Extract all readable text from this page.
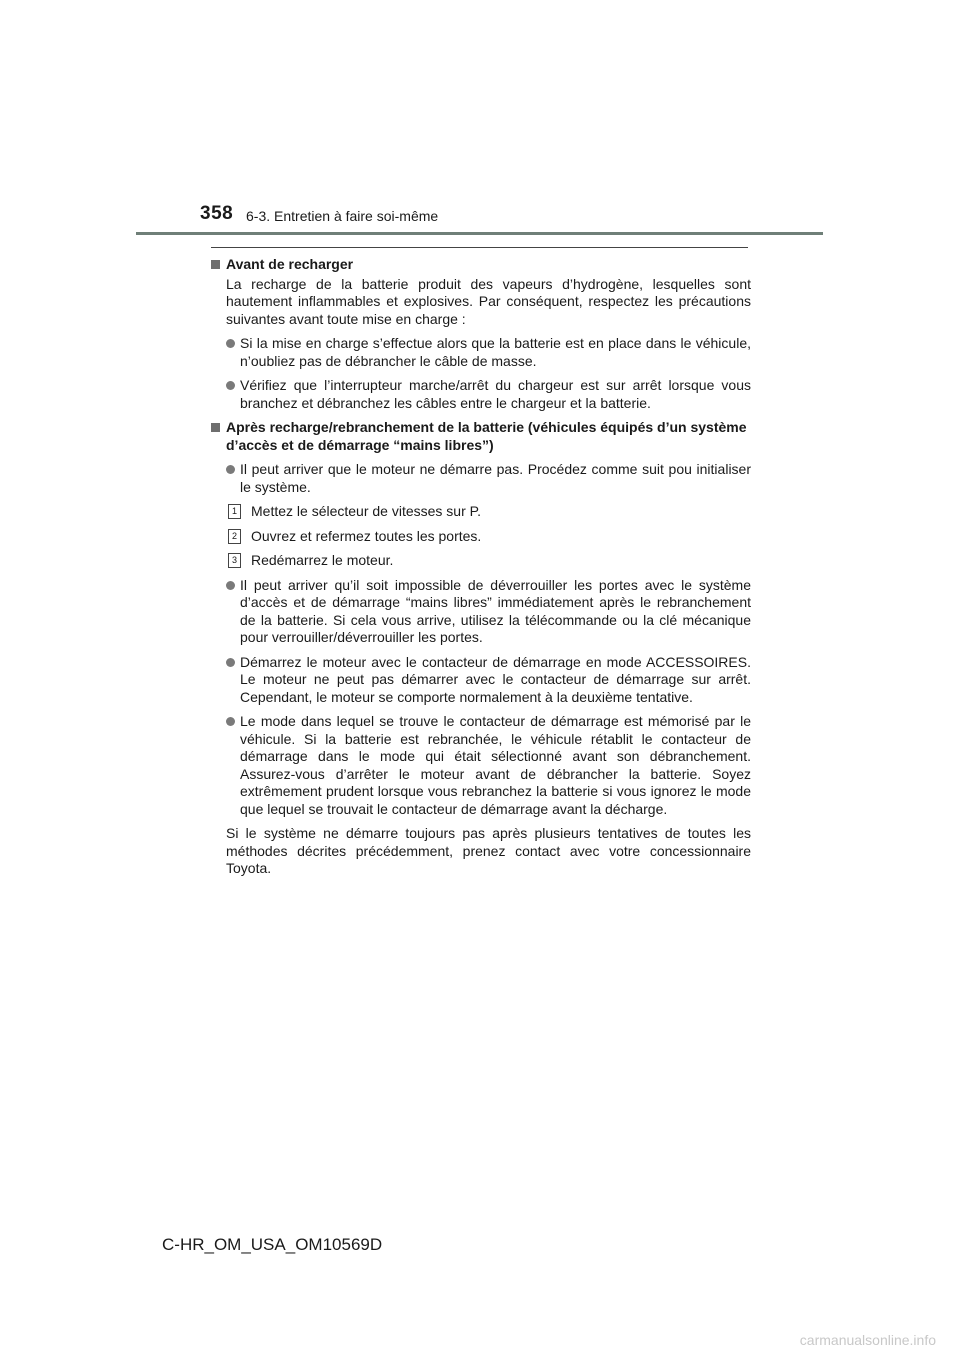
358 6-3. Entretien à faire soi-même
Avant de recharger
La recharge de la batterie produit des vapeurs d’hydrogène, lesquelles sont hautement inflammables et explosives. Par conséquent, respectez les précautions suivantes avant toute mise en charge :
Si la mise en charge s’effectue alors que la batterie est en place dans le véhicule, n’oubliez pas de débrancher le câble de masse.
Vérifiez que l’interrupteur marche/arrêt du chargeur est sur arrêt lorsque vous branchez et débranchez les câbles entre le chargeur et la batterie.
Après recharge/rebranchement de la batterie (véhicules équipés d’un système d’accès et de démarrage “mains libres”)
Il peut arriver que le moteur ne démarre pas. Procédez comme suit pou initialiser le système.
1 Mettez le sélecteur de vitesses sur P.
2 Ouvrez et refermez toutes les portes.
3 Redémarrez le moteur.
Il peut arriver qu’il soit impossible de déverrouiller les portes avec le système d’accès et de démarrage “mains libres” immédiatement après le rebranchement de la batterie. Si cela vous arrive, utilisez la télécommande ou la clé mécanique pour verrouiller/déverrouiller les portes.
Démarrez le moteur avec le contacteur de démarrage en mode ACCESSOIRES. Le moteur ne peut pas démarrer avec le contacteur de démarrage sur arrêt. Cependant, le moteur se comporte normalement à la deuxième tentative.
Le mode dans lequel se trouve le contacteur de démarrage est mémorisé par le véhicule. Si la batterie est rebranchée, le véhicule rétablit le contacteur de démarrage dans le mode qui était sélectionné avant son débranchement. Assurez-vous d’arrêter le moteur avant de débrancher la batterie. Soyez extrêmement prudent lorsque vous rebranchez la batterie si vous ignorez le mode que lequel se trouvait le contacteur de démarrage avant la décharge.
Si le système ne démarre toujours pas après plusieurs tentatives de toutes les méthodes décrites précédemment, prenez contact avec votre concessionnaire Toyota.
C-HR_OM_USA_OM10569D
carmanualsonline.info
